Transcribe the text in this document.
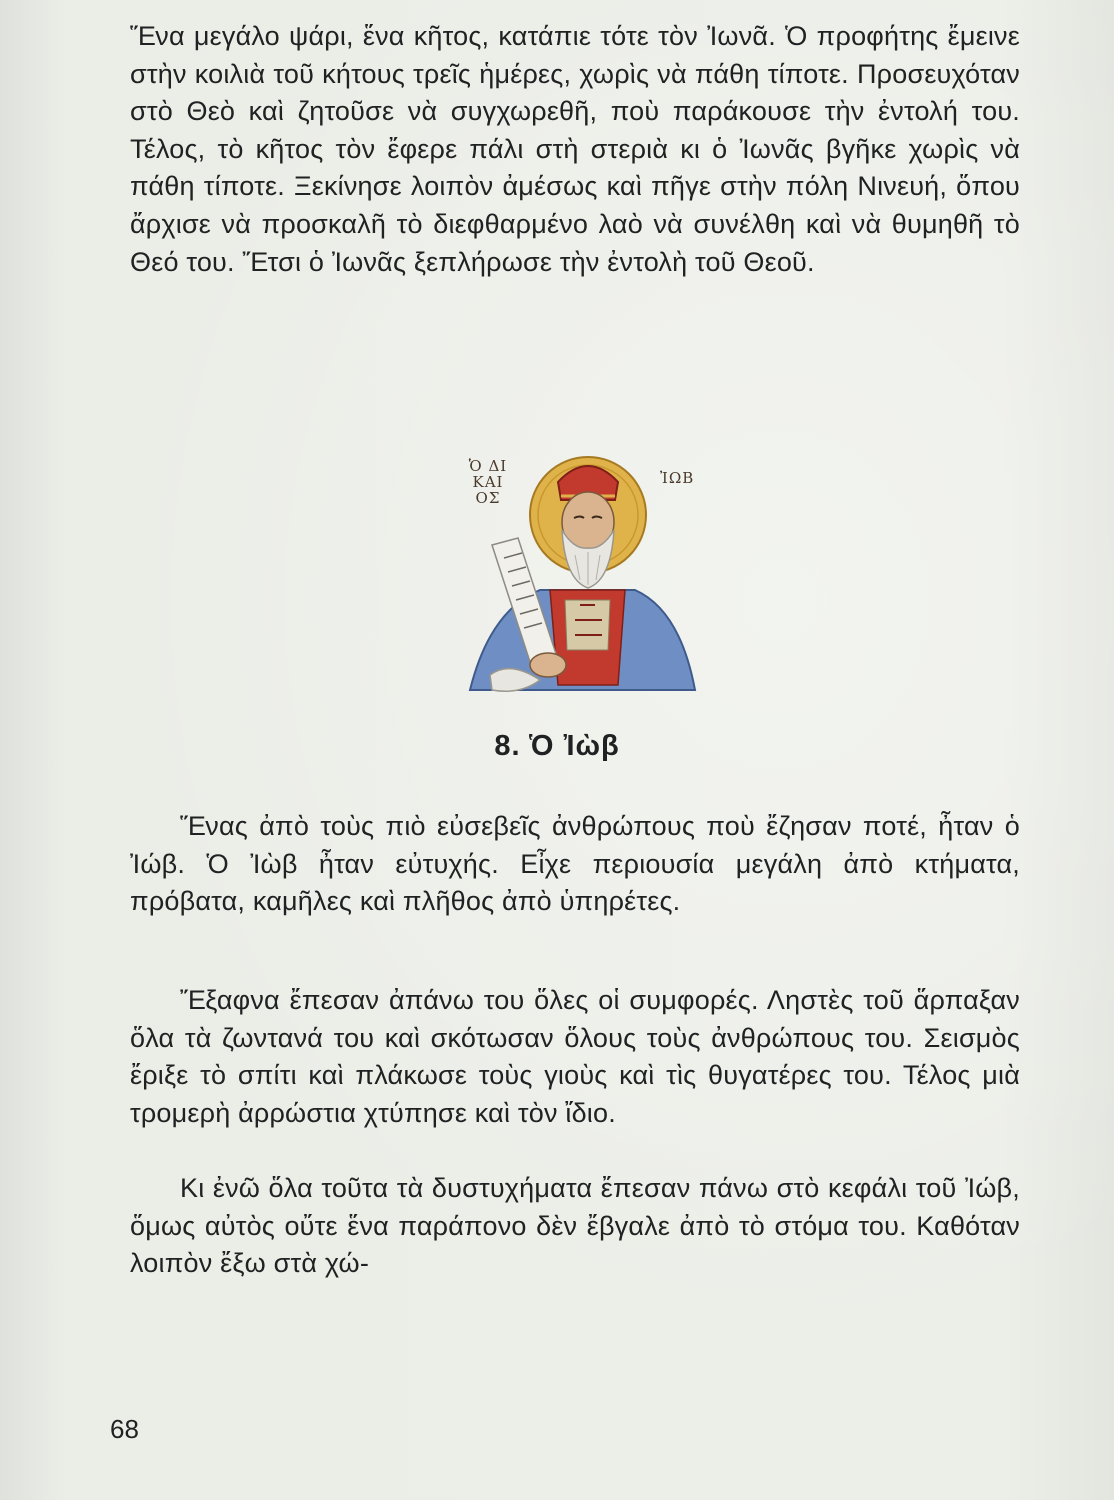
Ἕνα μεγάλο ψάρι, ἕνα κῆτος, κατάπιε τότε τὸν Ἰωνᾶ. Ὁ προφήτης ἔμεινε στὴν κοιλιὰ τοῦ κήτους τρεῖς ἡμέρες, χωρὶς νὰ πάθη τίποτε. Προσευχόταν στὸ Θεὸ καὶ ζητοῦσε νὰ συγχωρεθῆ, ποὺ παράκουσε τὴν ἐντολή του. Τέλος, τὸ κῆτος τὸν ἔφερε πάλι στὴ στεριὰ κι ὁ Ἰωνᾶς βγῆκε χωρὶς νὰ πάθη τίποτε. Ξεκίνησε λοιπὸν ἀμέσως καὶ πῆγε στὴν πόλη Νινευή, ὅπου ἄρχισε νὰ προσκαλῆ τὸ διεφθαρμένο λαὸ νὰ συνέλθη καὶ νὰ θυμηθῆ τὸ Θεό του. Ἔτσι ὁ Ἰωνᾶς ξεπλήρωσε τὴν ἐντολὴ τοῦ Θεοῦ.

Ὁ ΔΙ ΚΑΙ ΟΣ
ἸΩΒ
8. Ὁ Ἰὼβ

Ἕνας ἀπὸ τοὺς πιὸ εὐσεβεῖς ἀνθρώπους ποὺ ἔζησαν ποτέ, ἦταν ὁ Ἰώβ. Ὁ Ἰὼβ ἦταν εὐτυχής. Εἶχε περιουσία μεγάλη ἀπὸ κτήματα, πρόβατα, καμῆλες καὶ πλῆθος ἀπὸ ὑπηρέτες.

Ἔξαφνα ἔπεσαν ἀπάνω του ὅλες οἱ συμφορές. Ληστὲς τοῦ ἅρπαξαν ὅλα τὰ ζωντανά του καὶ σκότωσαν ὅλους τοὺς ἀνθρώπους του. Σεισμὸς ἔριξε τὸ σπίτι καὶ πλάκωσε τοὺς γιοὺς καὶ τὶς θυγατέρες του. Τέλος μιὰ τρομερὴ ἀρρώστια χτύπησε καὶ τὸν ἴδιο.

Κι ἐνῶ ὅλα τοῦτα τὰ δυστυχήματα ἔπεσαν πάνω στὸ κεφάλι τοῦ Ἰώβ, ὅμως αὐτὸς οὔτε ἕνα παράπονο δὲν ἔβγαλε ἀπὸ τὸ στόμα του. Καθόταν λοιπὸν ἔξω στὰ χώ-

68
